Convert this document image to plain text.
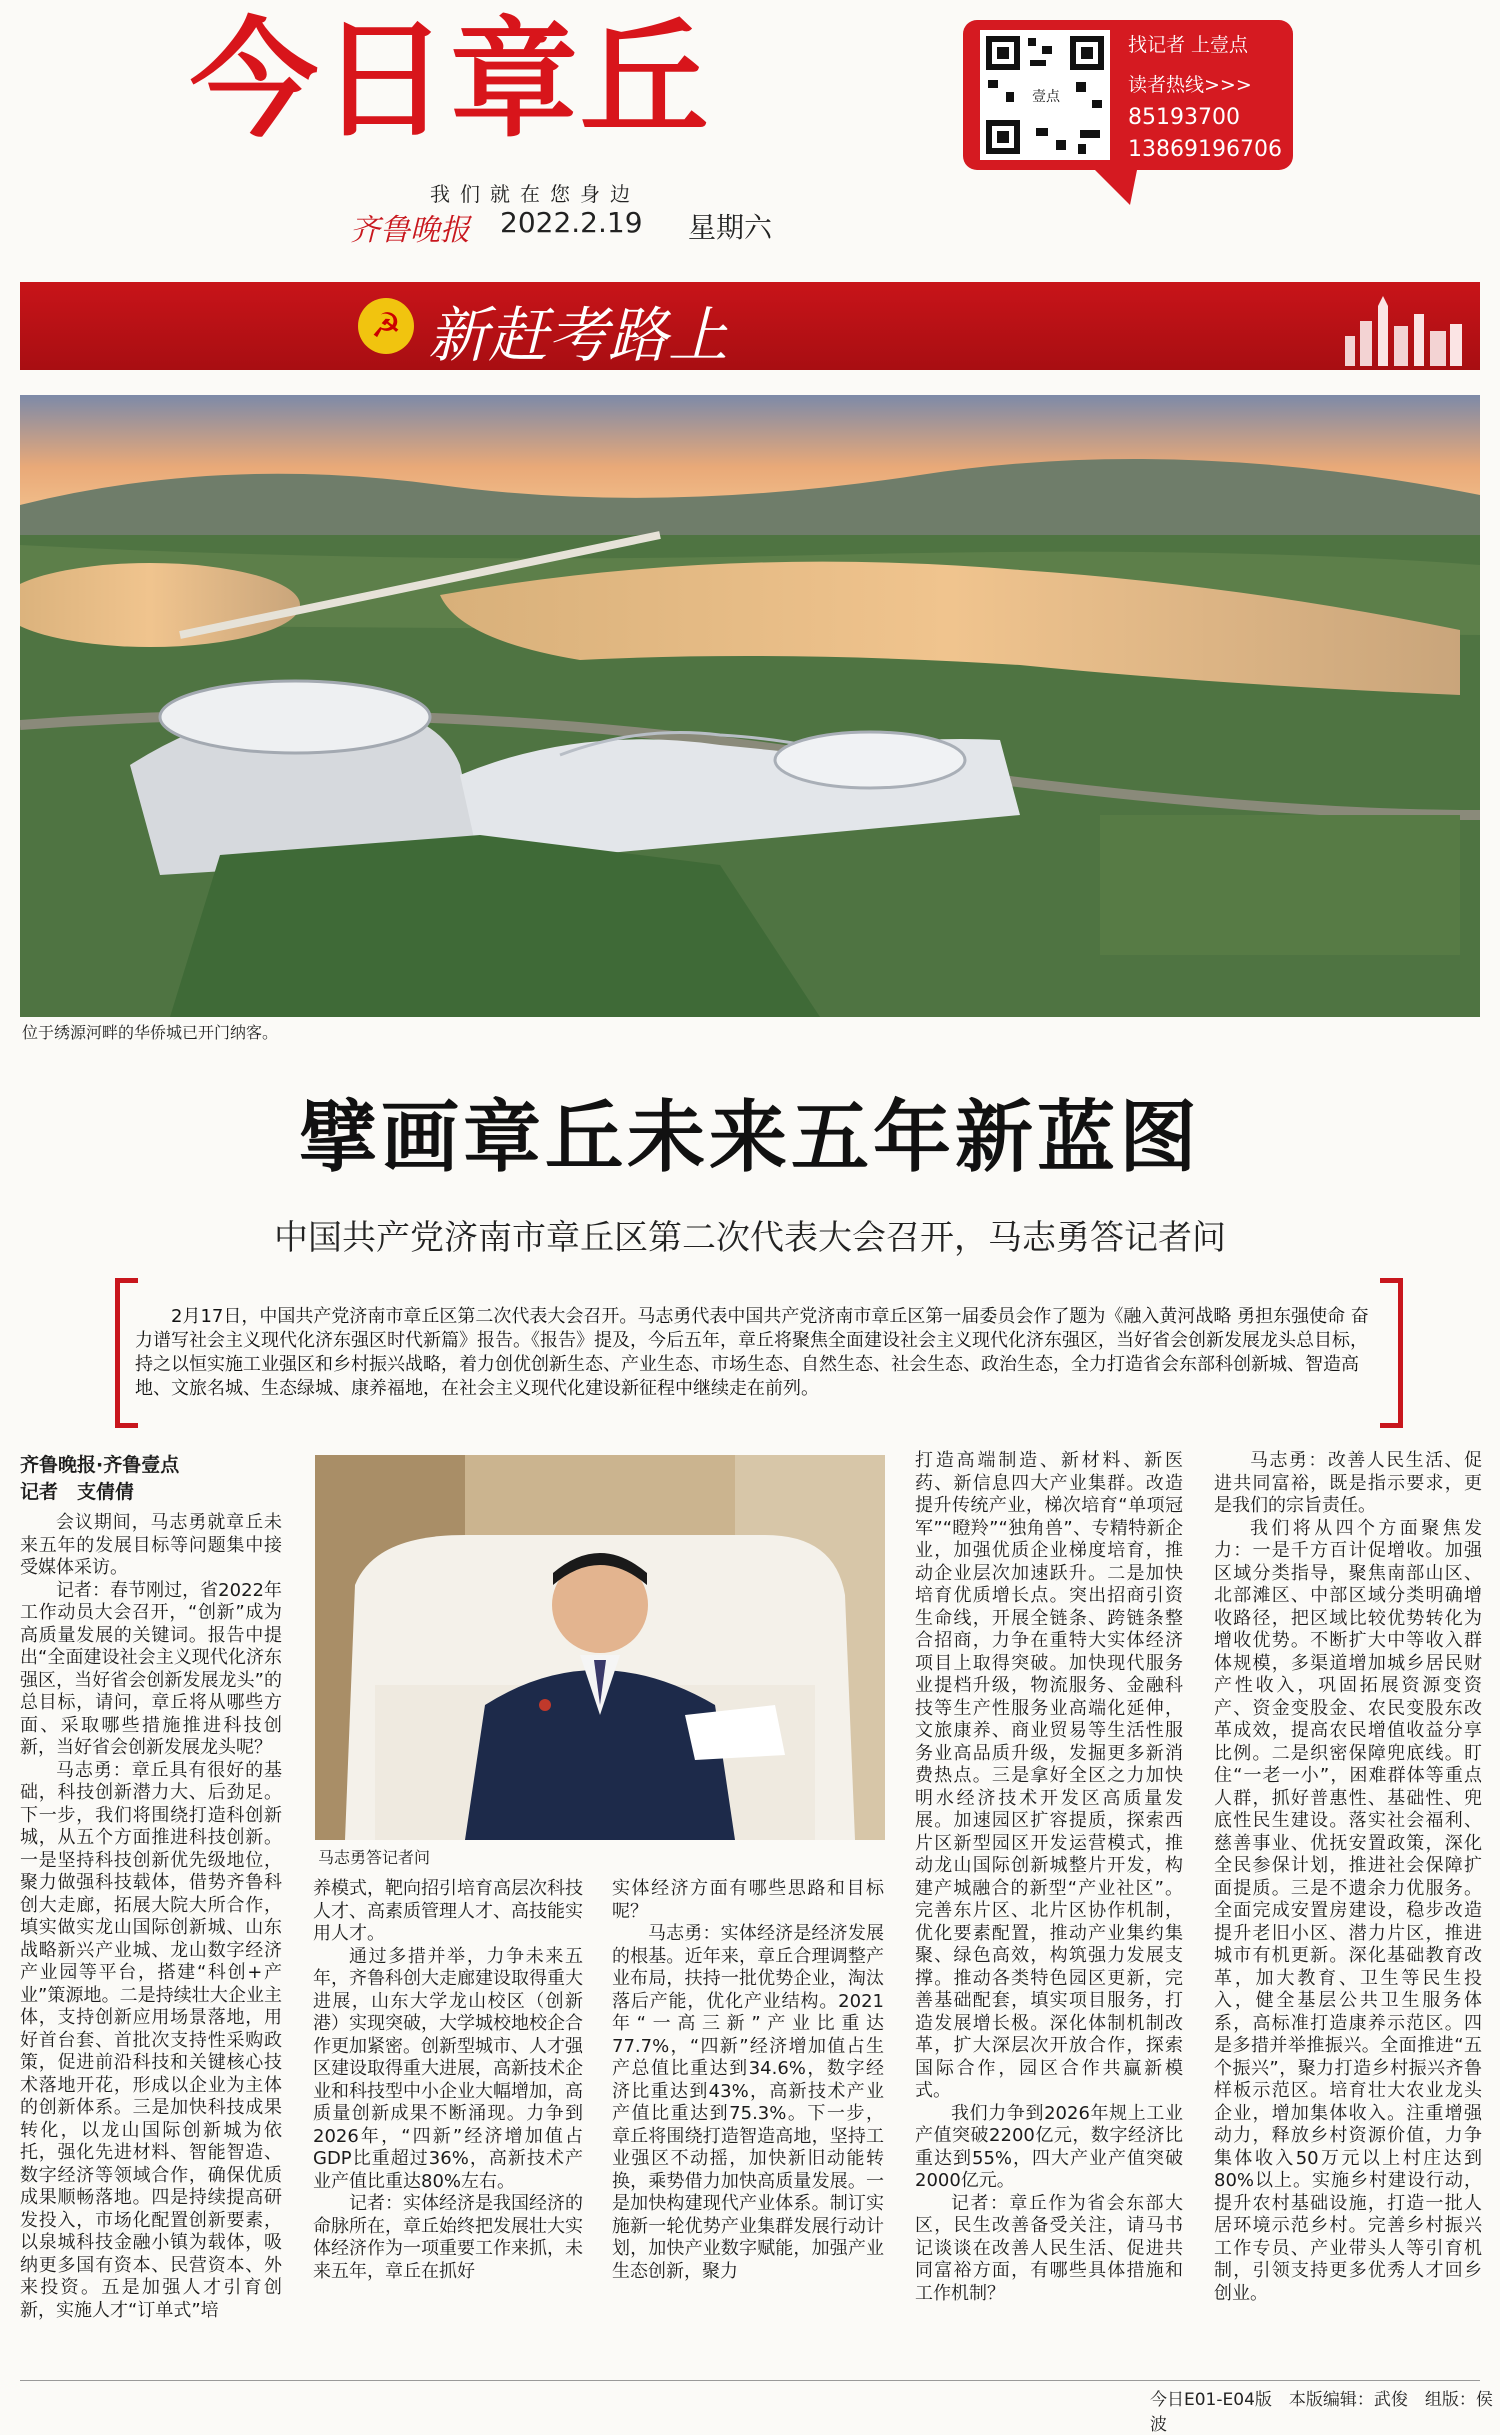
今日章丘
我们就在您身边
齐鲁晚报 2022.2.19 星期六
壹点
找记者 上壹点
读者热线>>>
85193700
13869196706
☭ 新赶考路上
位于绣源河畔的华侨城已开门纳客。
擘画章丘未来五年新蓝图
中国共产党济南市章丘区第二次代表大会召开，马志勇答记者问
2月17日，中国共产党济南市章丘区第二次代表大会召开。马志勇代表中国共产党济南市章丘区第一届委员会作了题为《融入黄河战略 勇担东强使命 奋力谱写社会主义现代化济东强区时代新篇》报告。《报告》提及，今后五年，章丘将聚焦全面建设社会主义现代化济东强区，当好省会创新发展龙头总目标，持之以恒实施工业强区和乡村振兴战略，着力创优创新生态、产业生态、市场生态、自然生态、社会生态、政治生态，全力打造省会东部科创新城、智造高地、文旅名城、生态绿城、康养福地，在社会主义现代化建设新征程中继续走在前列。
齐鲁晚报·齐鲁壹点
记者　支倩倩

会议期间，马志勇就章丘未来五年的发展目标等问题集中接受媒体采访。

记者：春节刚过，省2022年工作动员大会召开，“创新”成为高质量发展的关键词。报告中提出“全面建设社会主义现代化济东强区，当好省会创新发展龙头”的总目标，请问，章丘将从哪些方面、采取哪些措施推进科技创新，当好省会创新发展龙头呢？

马志勇：章丘具有很好的基础，科技创新潜力大、后劲足。下一步，我们将围绕打造科创新城，从五个方面推进科技创新。一是坚持科技创新优先级地位，聚力做强科技载体，借势齐鲁科创大走廊，拓展大院大所合作，填实做实龙山国际创新城、山东战略新兴产业城、龙山数字经济产业园等平台，搭建“科创+产业”策源地。二是持续壮大企业主体，支持创新应用场景落地，用好首台套、首批次支持性采购政策，促进前沿科技和关键核心技术落地开花，形成以企业为主体的创新体系。三是加快科技成果转化，以龙山国际创新城为依托，强化先进材料、智能智造、数字经济等领域合作，确保优质成果顺畅落地。四是持续提高研发投入，市场化配置创新要素，以泉城科技金融小镇为载体，吸纳更多国有资本、民营资本、外来投资。五是加强人才引育创新，实施人才“订单式”培

马志勇答记者问

养模式，靶向招引培育高层次科技人才、高素质管理人才、高技能实用人才。

通过多措并举，力争未来五年，齐鲁科创大走廊建设取得重大进展，山东大学龙山校区（创新港）实现突破，大学城校地校企合作更加紧密。创新型城市、人才强区建设取得重大进展，高新技术企业和科技型中小企业大幅增加，高质量创新成果不断涌现。力争到2026年，“四新”经济增加值占GDP比重超过36%，高新技术产业产值比重达80%左右。

记者：实体经济是我国经济的命脉所在，章丘始终把发展壮大实体经济作为一项重要工作来抓，未来五年，章丘在抓好

实体经济方面有哪些思路和目标呢？

马志勇：实体经济是经济发展的根基。近年来，章丘合理调整产业布局，扶持一批优势企业，淘汰落后产能，优化产业结构。2021年“一高三新”产业比重达77.7%，“四新”经济增加值占生产总值比重达到34.6%，数字经济比重达到43%，高新技术产业产值比重达到75.3%。下一步，章丘将围绕打造智造高地，坚持工业强区不动摇，加快新旧动能转换，乘势借力加快高质量发展。一是加快构建现代产业体系。制订实施新一轮优势产业集群发展行动计划，加快产业数字赋能，加强产业生态创新，聚力

打造高端制造、新材料、新医药、新信息四大产业集群。改造提升传统产业，梯次培育“单项冠军”“瞪羚”“独角兽”、专精特新企业，加强优质企业梯度培育，推动企业层次加速跃升。二是加快培育优质增长点。突出招商引资生命线，开展全链条、跨链条整合招商，力争在重特大实体经济项目上取得突破。加快现代服务业提档升级，物流服务、金融科技等生产性服务业高端化延伸，文旅康养、商业贸易等生活性服务业高品质升级，发掘更多新消费热点。三是拿好全区之力加快明水经济技术开发区高质量发展。加速园区扩容提质，探索西片区新型园区开发运营模式，推动龙山国际创新城整片开发，构建产城融合的新型“产业社区”。完善东片区、北片区协作机制，优化要素配置，推动产业集约集聚、绿色高效，构筑强力发展支撑。推动各类特色园区更新，完善基础配套，填实项目服务，打造发展增长极。深化体制机制改革，扩大深层次开放合作，探索国际合作，园区合作共赢新模式。

我们力争到2026年规上工业产值突破2200亿元，数字经济比重达到55%，四大产业产值突破2000亿元。

记者：章丘作为省会东部大区，民生改善备受关注，请马书记谈谈在改善人民生活、促进共同富裕方面，有哪些具体措施和工作机制？

马志勇：改善人民生活、促进共同富裕，既是指示要求，更是我们的宗旨责任。

我们将从四个方面聚焦发力：一是千方百计促增收。加强区域分类指导，聚焦南部山区、北部滩区、中部区域分类明确增收路径，把区域比较优势转化为增收优势。不断扩大中等收入群体规模，多渠道增加城乡居民财产性收入，巩固拓展资源变资产、资金变股金、农民变股东改革成效，提高农民增值收益分享比例。二是织密保障兜底线。盯住“一老一小”，困难群体等重点人群，抓好普惠性、基础性、兜底性民生建设。落实社会福利、慈善事业、优抚安置政策，深化全民参保计划，推进社会保障扩面提质。三是不遗余力优服务。全面完成安置房建设，稳步改造提升老旧小区、潜力片区，推进城市有机更新。深化基础教育改革，加大教育、卫生等民生投入，健全基层公共卫生服务体系，高标准打造康养示范区。四是多措并举推振兴。全面推进“五个振兴”，聚力打造乡村振兴齐鲁样板示范区。培育壮大农业龙头企业，增加集体收入。注重增强动力，释放乡村资源价值，力争集体收入50万元以上村庄达到80%以上。实施乡村建设行动，提升农村基础设施，打造一批人居环境示范乡村。完善乡村振兴工作专员、产业带头人等引育机制，引领支持更多优秀人才回乡创业。

今日E01-E04版　本版编辑：武俊　组版：侯波
